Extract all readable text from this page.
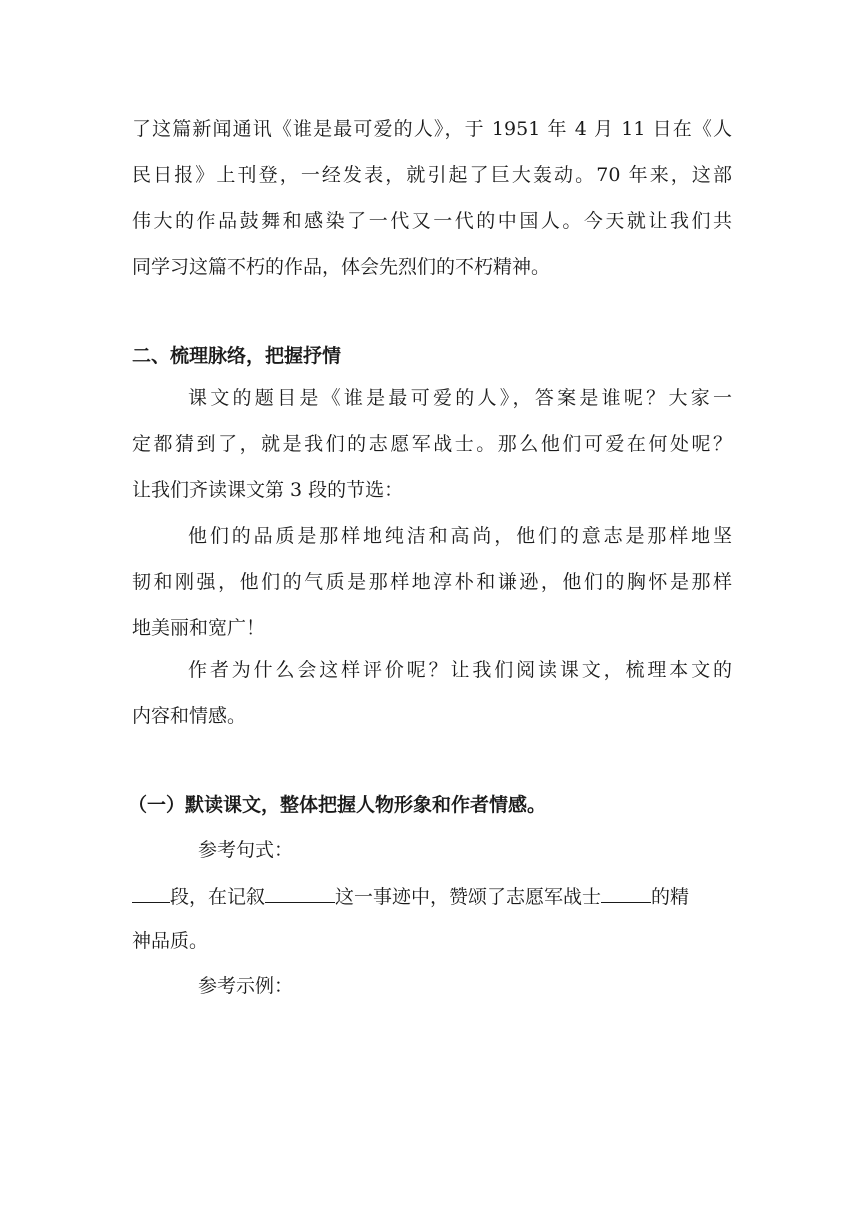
了这篇新闻通讯《谁是最可爱的人》，于 1951 年 4 月 11 日在《人
民日报》上刊登，一经发表，就引起了巨大轰动。70 年来，这部
伟大的作品鼓舞和感染了一代又一代的中国人。今天就让我们共
同学习这篇不朽的作品，体会先烈们的不朽精神。
二、梳理脉络，把握抒情
课文的题目是《谁是最可爱的人》，答案是谁呢？大家一
定都猜到了，就是我们的志愿军战士。那么他们可爱在何处呢？
让我们齐读课文第 3 段的节选：
他们的品质是那样地纯洁和高尚，他们的意志是那样地坚
韧和刚强，他们的气质是那样地淳朴和谦逊，他们的胸怀是那样
地美丽和宽广！
作者为什么会这样评价呢？让我们阅读课文，梳理本文的
内容和情感。
（一）默读课文，整体把握人物形象和作者情感。
参考句式：
段，在记叙	这一事迹中，赞颂了志愿军战士	的精
神品质。
参考示例：
